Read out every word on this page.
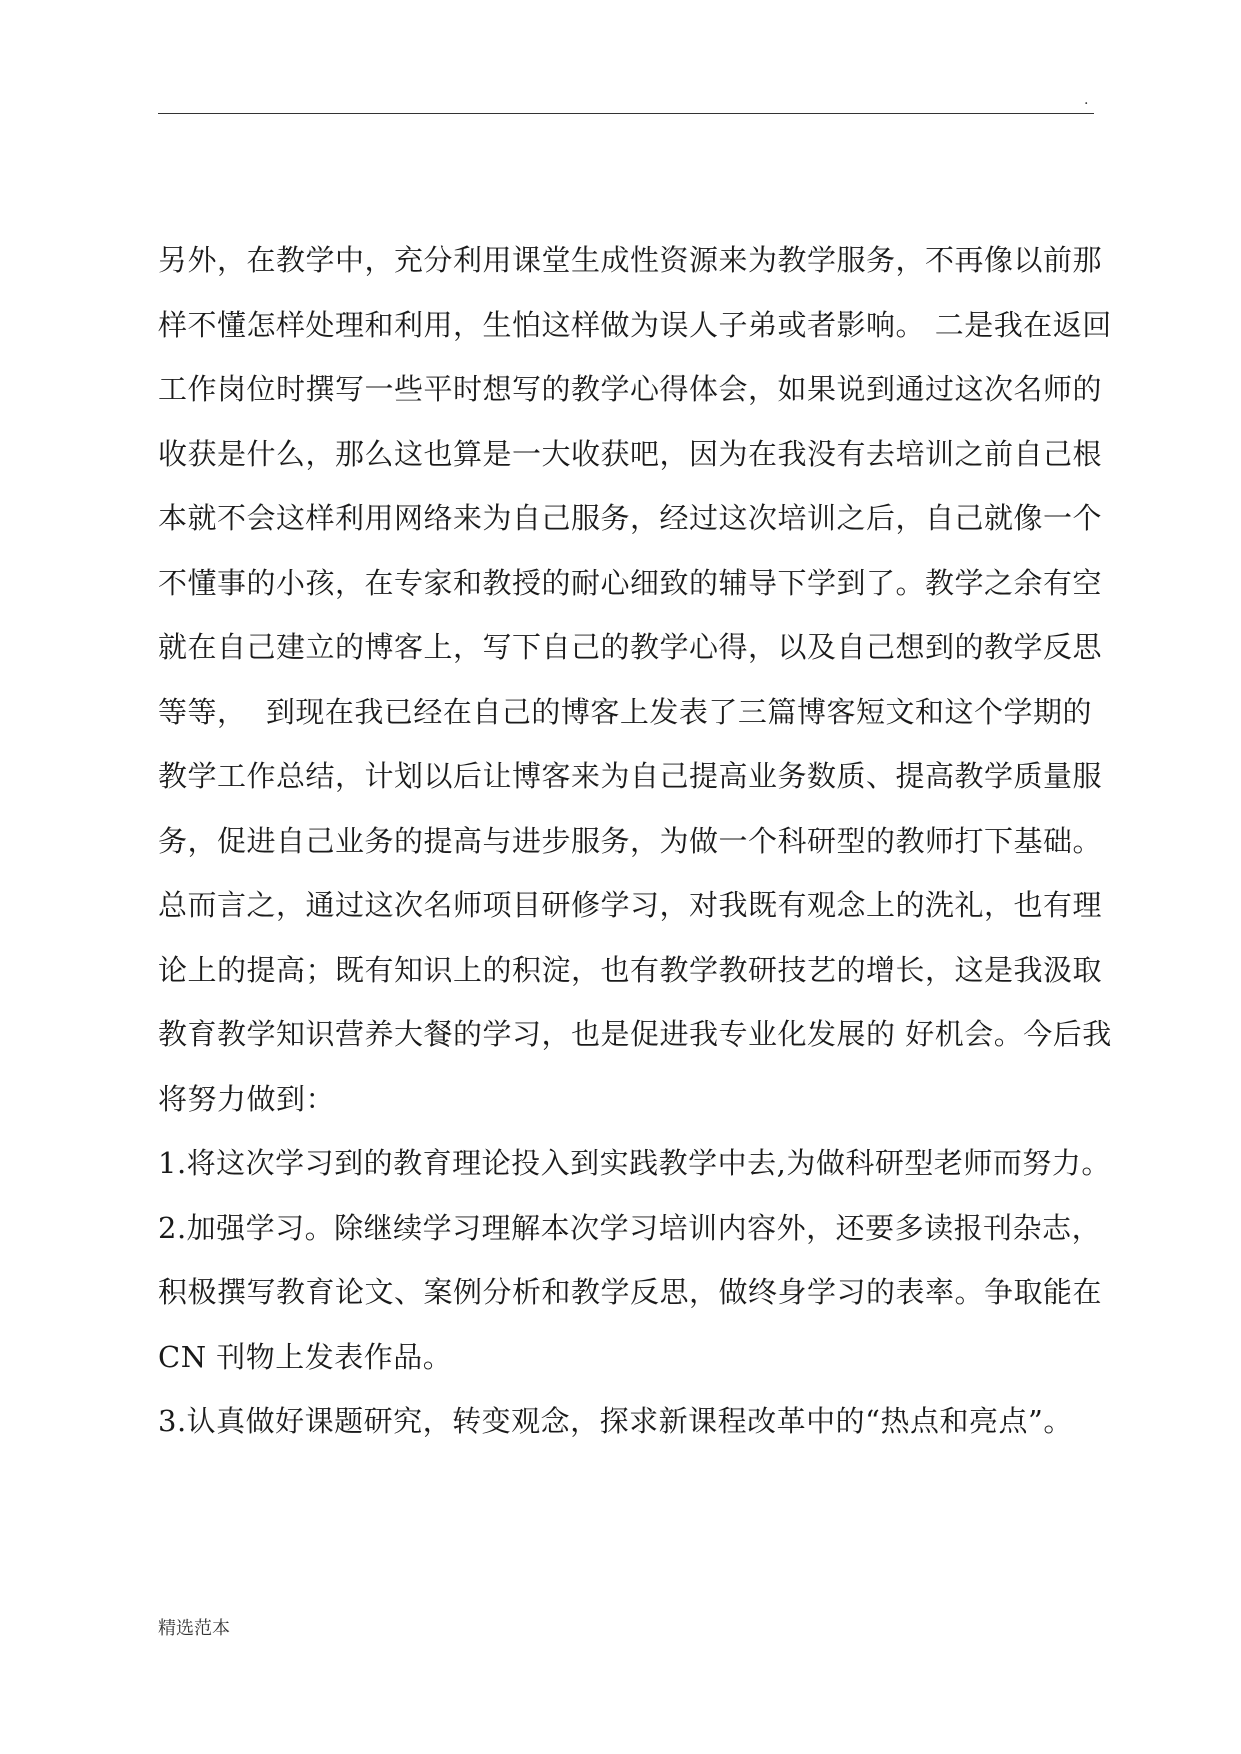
.
另外，在教学中，充分利用课堂生成性资源来为教学服务，不再像以前那
样不懂怎样处理和利用，生怕这样做为误人子弟或者影响。 二是我在返回
工作岗位时撰写一些平时想写的教学心得体会，如果说到通过这次名师的
收获是什么，那么这也算是一大收获吧，因为在我没有去培训之前自己根
本就不会这样利用网络来为自己服务，经过这次培训之后，自己就像一个
不懂事的小孩，在专家和教授的耐心细致的辅导下学到了。教学之余有空
就在自己建立的博客上，写下自己的教学心得，以及自己想到的教学反思
等等，  到现在我已经在自己的博客上发表了三篇博客短文和这个学期的
教学工作总结，计划以后让博客来为自己提高业务数质、提高教学质量服
务，促进自己业务的提高与进步服务，为做一个科研型的教师打下基础。
总而言之，通过这次名师项目研修学习，对我既有观念上的洗礼，也有理
论上的提高；既有知识上的积淀，也有教学教研技艺的增长，这是我汲取
教育教学知识营养大餐的学习，也是促进我专业化发展的 好机会。今后我
将努力做到：
1.将这次学习到的教育理论投入到实践教学中去,为做科研型老师而努力。
2.加强学习。除继续学习理解本次学习培训内容外，还要多读报刊杂志，
积极撰写教育论文、案例分析和教学反思，做终身学习的表率。争取能在
CN 刊物上发表作品。
3.认真做好课题研究，转变观念，探求新课程改革中的“热点和亮点”。
精选范本
